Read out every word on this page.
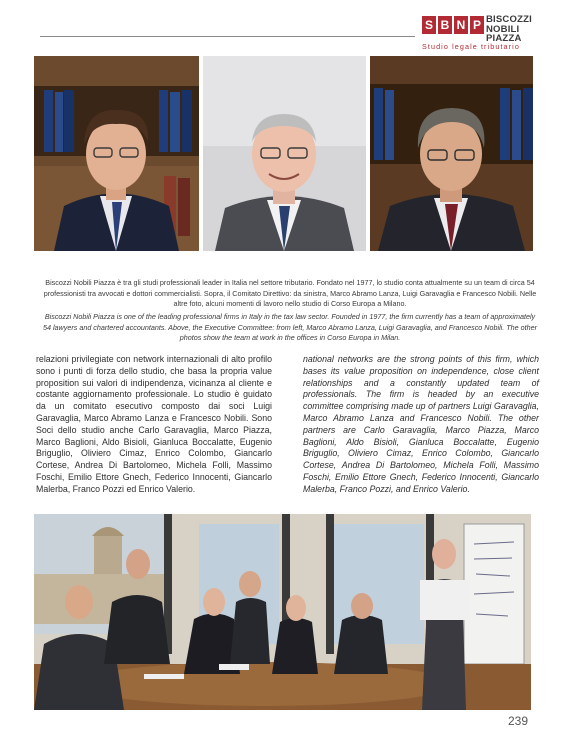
S B N P BISCOZZI
NOBILI
PIAZZA
Studio legale tributario
Biscozzi Nobili Piazza è tra gli studi professionali leader in Italia nel settore tributario. Fondato nel 1977, lo studio conta attualmente su un team di circa 54 professionisti tra avvocati e dottori commercialisti. Sopra, il Comitato Direttivo: da sinistra, Marco Abramo Lanza, Luigi Garavaglia e Francesco Nobili. Nelle altre foto, alcuni momenti di lavoro nello studio di Corso Europa a Milano.
Biscozzi Nobili Piazza is one of the leading professional firms in Italy in the tax law sector. Founded in 1977, the firm currently has a team of approximately 54 lawyers and chartered accountants. Above, the Executive Committee: from left, Marco Abramo Lanza, Luigi Garavaglia, and Francesco Nobili. The other photos show the team at work in the offices in Corso Europa in Milan.

relazioni privilegiate con network internazionali di alto profilo sono i punti di forza dello studio, che basa la propria value proposition sui valori di indipendenza, vicinanza al cliente e costante aggiornamento professionale. Lo studio è guidato da un comitato esecutivo composto dai soci Luigi Garavaglia, Marco Abramo Lanza e Francesco Nobili. Sono Soci dello studio anche Carlo Garavaglia, Marco Piazza, Marco Baglioni, Aldo Bisioli, Gianluca Boccalatte, Eugenio Briguglio, Oliviero Cimaz, Enrico Colombo, Giancarlo Cortese, Andrea Di Bartolomeo, Michela Folli, Massimo Foschi, Emilio Ettore Gnech, Federico Innocenti, Giancarlo Malerba, Franco Pozzi ed Enrico Valerio.

national networks are the strong points of this firm, which bases its value proposition on independence, close client relationships and a constantly updated team of professionals. The firm is headed by an executive committee comprising made up of partners Luigi Garavaglia, Marco Abramo Lanza and Francesco Nobili. The other partners are Carlo Garavaglia, Marco Piazza, Marco Baglioni, Aldo Bisioli, Gianluca Boccalatte, Eugenio Briguglio, Oliviero Cimaz, Enrico Colombo, Giancarlo Cortese, Andrea Di Bartolomeo, Michela Folli, Massimo Foschi, Emilio Ettore Gnech, Federico Innocenti, Giancarlo Malerba, Franco Pozzi, and Enrico Valerio.

239
